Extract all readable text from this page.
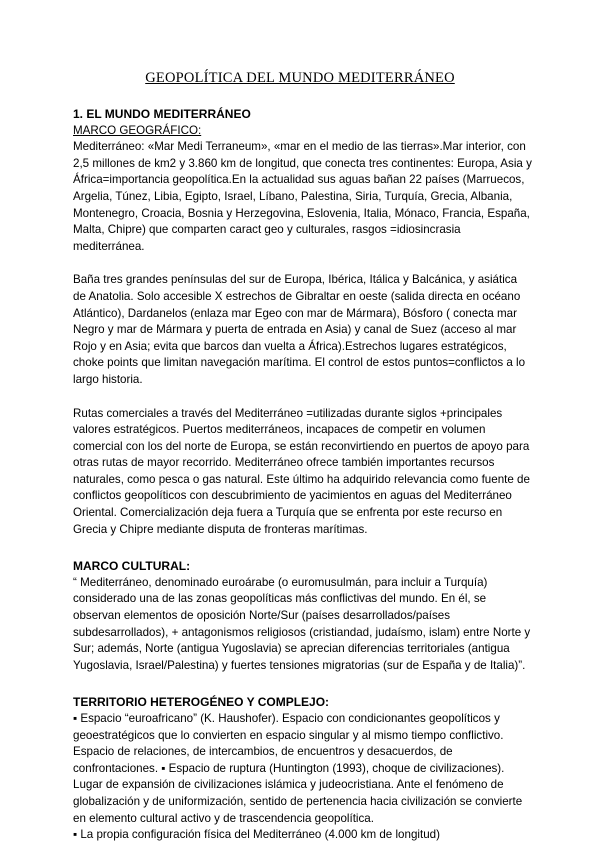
GEOPOLÍTICA DEL MUNDO MEDITERRÁNEO
1. EL MUNDO MEDITERRÁNEO
MARCO GEOGRÁFICO:

Mediterráneo: «Mar Medi Terraneum», «mar en el medio de las tierras».Mar interior, con 2,5 millones de km2 y 3.860 km de longitud, que conecta tres continentes: Europa, Asia y África=importancia geopolítica.En la actualidad sus aguas bañan 22 países (Marruecos, Argelia, Túnez, Libia, Egipto, Israel, Líbano, Palestina, Siria, Turquía, Grecia, Albania, Montenegro, Croacia, Bosnia y Herzegovina, Eslovenia, Italia, Mónaco, Francia, España, Malta, Chipre) que comparten caract geo y culturales, rasgos =idiosincrasia mediterránea.

Baña tres grandes penínsulas del sur de Europa, Ibérica, Itálica y Balcánica, y asiática de Anatolia. Solo accesible X estrechos de Gibraltar en oeste (salida directa en océano Atlántico), Dardanelos (enlaza mar Egeo con mar de Mármara), Bósforo ( conecta mar Negro y mar de Mármara y puerta de entrada en Asia) y canal de Suez (acceso al mar Rojo y en Asia; evita que barcos dan vuelta a África).Estrechos lugares estratégicos, choke points que limitan navegación marítima. El control de estos puntos=conflictos a lo largo historia.

Rutas comerciales a través del Mediterráneo =utilizadas durante siglos +principales valores estratégicos. Puertos mediterráneos, incapaces de competir en volumen comercial con los del norte de Europa, se están reconvirtiendo en puertos de apoyo para otras rutas de mayor recorrido. Mediterráneo ofrece también importantes recursos naturales, como pesca o gas natural. Este último ha adquirido relevancia como fuente de conflictos geopolíticos con descubrimiento de yacimientos en aguas del Mediterráneo Oriental. Comercialización deja fuera a Turquía que se enfrenta por este recurso en Grecia y Chipre mediante disputa de fronteras marítimas.

MARCO CULTURAL:

“ Mediterráneo, denominado euroárabe (o euromusulmán, para incluir a Turquía) considerado una de las zonas geopolíticas más conflictivas del mundo. En él, se observan elementos de oposición Norte/Sur (países desarrollados/países subdesarrollados), + antagonismos religiosos (cristiandad, judaísmo, islam) entre Norte y Sur; además, Norte (antigua Yugoslavia) se aprecian diferencias territoriales (antigua Yugoslavia, Israel/Palestina) y fuertes tensiones migratorias (sur de España y de Italia)”.

TERRITORIO HETEROGÉNEO Y COMPLEJO:

▪ Espacio “euroafricano” (K. Haushofer). Espacio con condicionantes geopolíticos y geoestratégicos que lo convierten en espacio singular y al mismo tiempo conflictivo. Espacio de relaciones, de intercambios, de encuentros y desacuerdos, de confrontaciones. ▪ Espacio de ruptura (Huntington (1993), choque de civilizaciones). Lugar de expansión de civilizaciones islámica y judeocristiana. Ante el fenómeno de globalización y de uniformización, sentido de pertenencia hacia civilización se convierte en elemento cultural activo y de trascendencia geopolítica.

▪ La propia configuración física del Mediterráneo (4.000 km de longitud)
